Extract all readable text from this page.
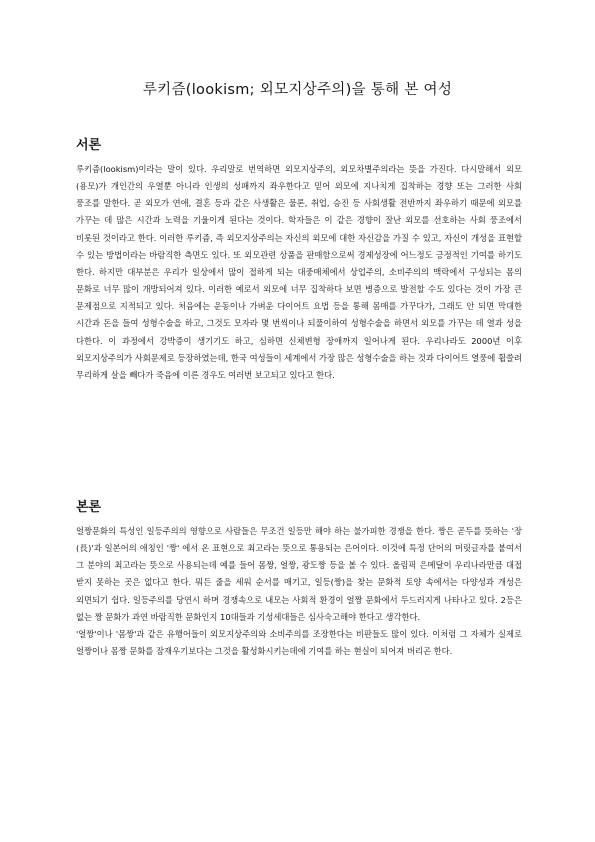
루키즘(lookism; 외모지상주의)을 통해 본 여성
서론

루키즘(lookism)이라는 말이 있다. 우리말로 번역하면 외모지상주의, 외모차별주의라는 뜻을 가진다. 다시말해서 외모(용모)가 개인간의 우열뿐 아니라 인생의 성패까지 좌우한다고 믿어 외모에 지나치게 집착하는 경향 또는 그러한 사회 풍조를 말한다. 곧 외모가 연애, 결혼 등과 같은 사생활은 물론, 취업, 승진 등 사회생활 전반까지 좌우하기 때문에 외모를 가꾸는 데 많은 시간과 노력을 기울이게 된다는 것이다. 학자들은 이 같은 경향이 잘난 외모를 선호하는 사회 풍조에서 비롯된 것이라고 한다. 이러한 루키즘, 즉 외모지상주의는 자신의 외모에 대한 자신감을 가질 수 있고, 자신이 개성을 표현할 수 있는 방법이라는 바람직한 측면도 있다. 또 외모관련 상품을 판매함으로써 경제성장에 어느정도 긍정적인 기여를 하기도 한다. 하지만 대부분은 우리가 일상에서 많이 접하게 되는 대중매체에서 상업주의, 소비주의의 맥락에서 구성되는 몸의 문화로 너무 많이 개방되어져 있다. 이러한 예로서 외모에 너무 집착하다 보면 병증으로 발전할 수도 있다는 것이 가장 큰 문제점으로 지적되고 있다. 처음에는 운동이나 가벼운 다이어트 요법 등을 통해 몸매를 가꾸다가, 그래도 안 되면 막대한 시간과 돈을 들여 성형수술을 하고, 그것도 모자라 몇 번씩이나 되풀이하여 성형수술을 하면서 외모를 가꾸는 데 열과 성을 다한다. 이 과정에서 강박증이 생기기도 하고, 심하면 신체변형 장애까지 일어나게 된다. 우리나라도 2000년 이후 외모지상주의가 사회문제로 등장하였는데, 한국 여성들이 세계에서 가장 많은 성형수술을 하는 것과 다이어트 열풍에 휩쓸려 무리하게 살을 빼다가 죽음에 이른 경우도 여러번 보고되고 있다고 한다.

본론

얼짱문화의 특성인 일등주의의 영향으로 사람들은 무조건 일등만 해야 하는 불가피한 경쟁을 한다. 짱은 곧두를 뜻하는 '장(長)'과 일본어의 애칭인 '짱' 에서 온 표현으로 최고라는 뜻으로 통용되는 은어이다. 이것에 특정 단어의 머릿글자를 붙여서 그 분야의 최고라는 뜻으로 사용되는데 예를 들어 몸짱, 얼짱, 광도짱 등을 볼 수 있다. 올림픽 은메달이 우리나라만큼 대접 받지 못하는 곳은 없다고 한다. 뭐든 줄을 세워 순서를 매기고, 일등(짱)을 찾는 문화적 토양 속에서는 다양성과 개성은 외면되기 쉽다. 일등주의를 당연시 하며 경쟁속으로 내모는 사회적 환경이 얼짱 문화에서 두드러지게 나타나고 있다. 2등은 없는 짱 문화가 과연 바람직한 문화인지 10대들과 기성세대들은 심사숙고해야 한다고 생각한다.

'얼짱'이나 '몸짱'과 같은 유행어들이 외모지상주의와 소비주의를 조장한다는 비판들도 많이 있다. 이처럼 그 자체가 실제로 얼짱이나 몸짱 문화를 잠재우기보다는 그것을 활성화시키는데에 기여를 하는 현실이 되어져 버리곤 한다.
